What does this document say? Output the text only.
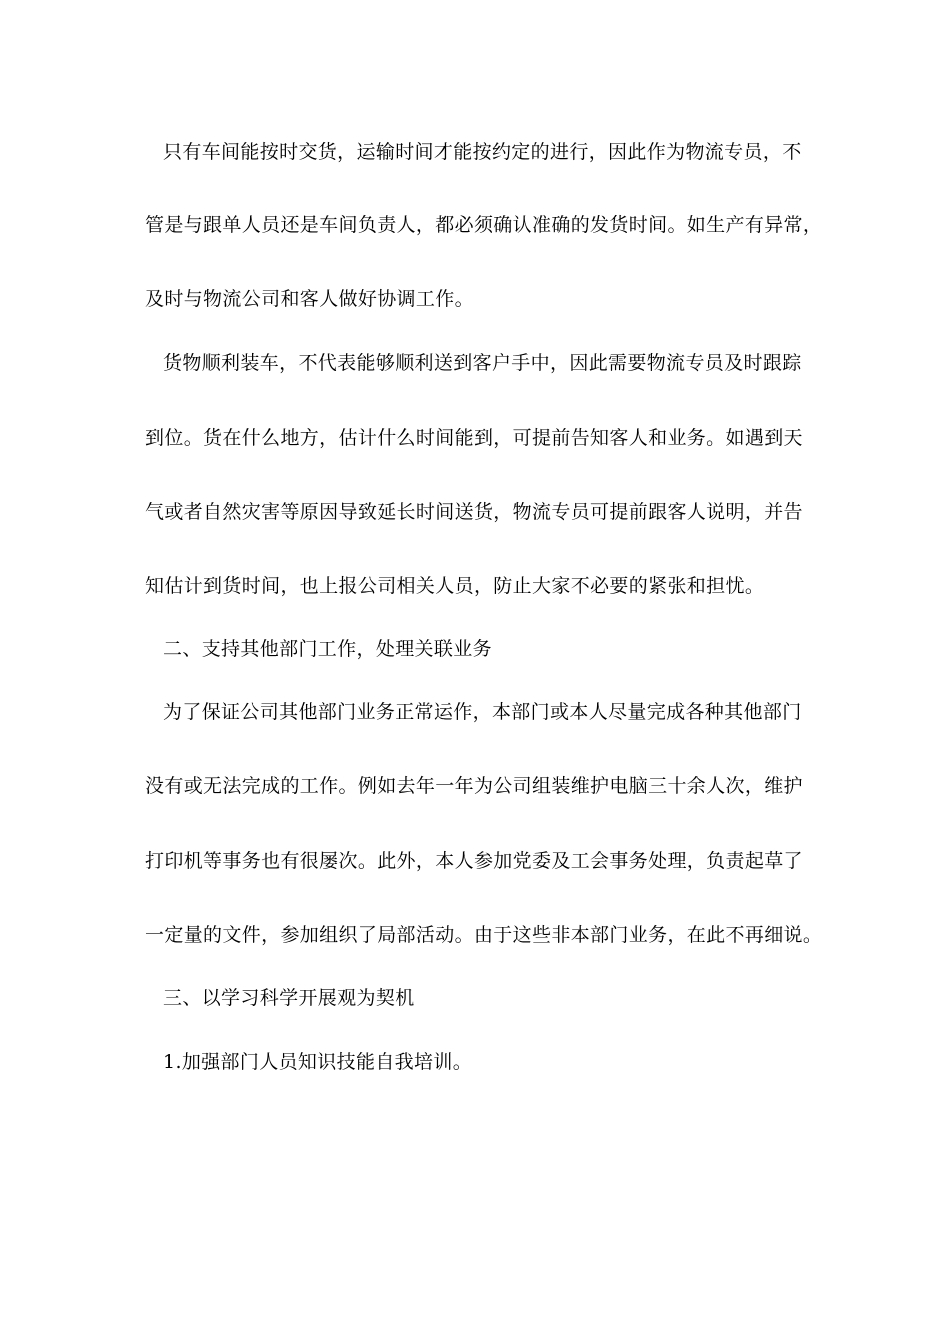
只有车间能按时交货，运输时间才能按约定的进行，因此作为物流专员，不
管是与跟单人员还是车间负责人，都必须确认准确的发货时间。如生产有异常，
及时与物流公司和客人做好协调工作。
货物顺利装车，不代表能够顺利送到客户手中，因此需要物流专员及时跟踪
到位。货在什么地方，估计什么时间能到，可提前告知客人和业务。如遇到天
气或者自然灾害等原因导致延长时间送货，物流专员可提前跟客人说明，并告
知估计到货时间，也上报公司相关人员，防止大家不必要的紧张和担忧。
二、支持其他部门工作，处理关联业务
为了保证公司其他部门业务正常运作，本部门或本人尽量完成各种其他部门
没有或无法完成的工作。例如去年一年为公司组装维护电脑三十余人次，维护
打印机等事务也有很屡次。此外，本人参加党委及工会事务处理，负责起草了
一定量的文件，参加组织了局部活动。由于这些非本部门业务，在此不再细说。
三、以学习科学开展观为契机
1.加强部门人员知识技能自我培训。
